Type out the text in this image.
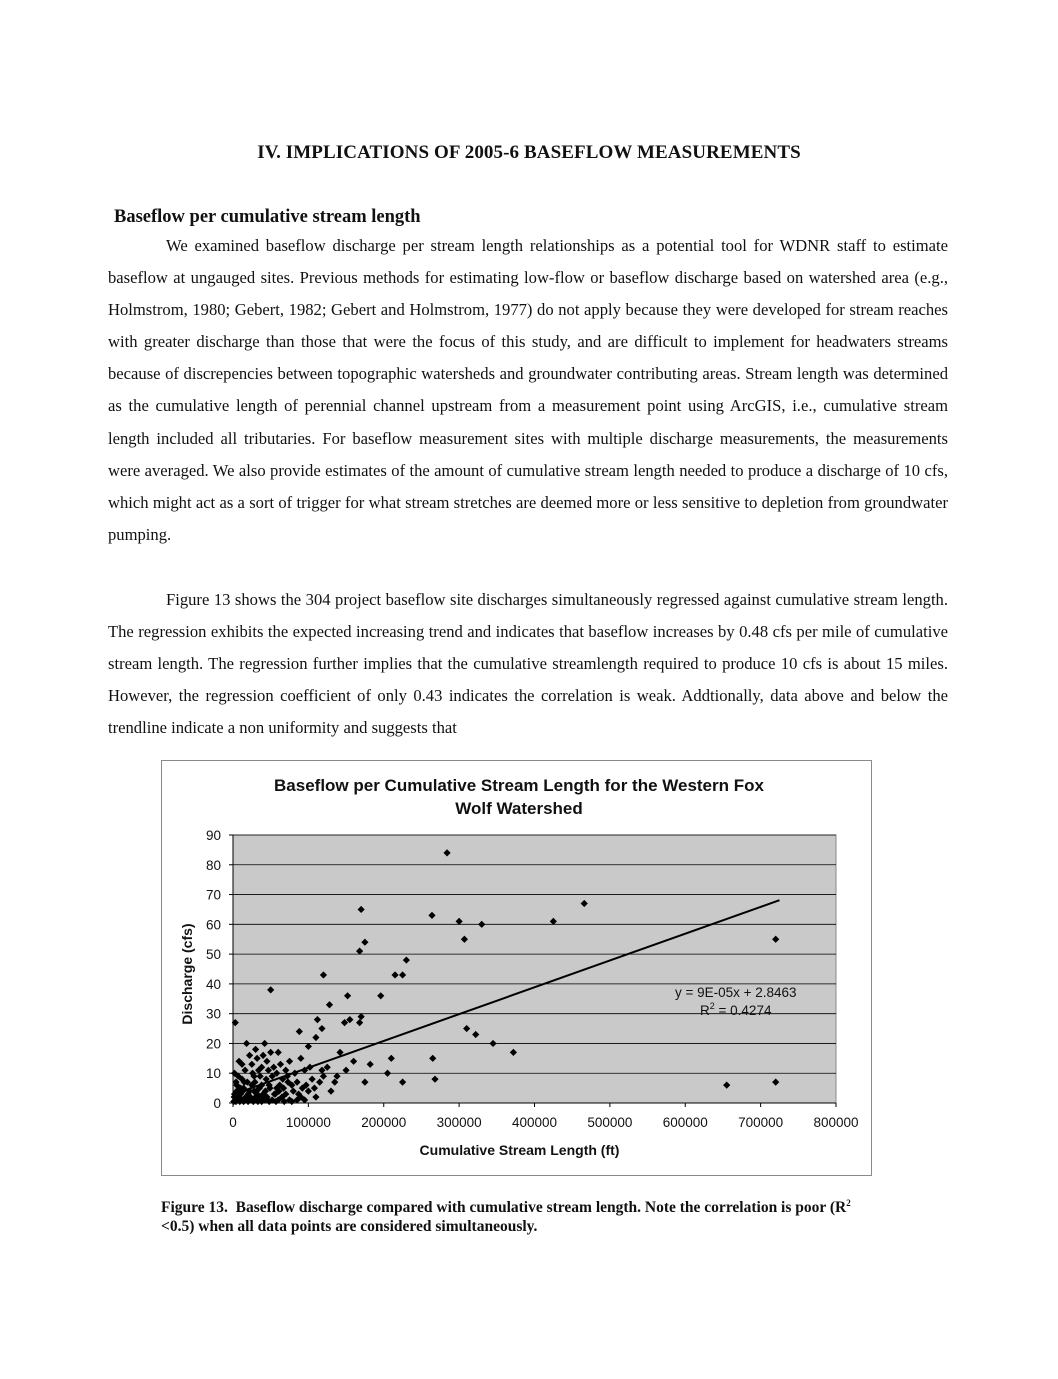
IV. IMPLICATIONS OF 2005-6 BASEFLOW MEASUREMENTS
Baseflow per cumulative stream length

We examined baseflow discharge per stream length relationships as a potential tool for WDNR staff to estimate baseflow at ungauged sites. Previous methods for estimating low-flow or baseflow discharge based on watershed area (e.g., Holmstrom, 1980; Gebert, 1982; Gebert and Holmstrom, 1977) do not apply because they were developed for stream reaches with greater discharge than those that were the focus of this study, and are difficult to implement for headwaters streams because of discrepencies between topographic watersheds and groundwater contributing areas. Stream length was determined as the cumulative length of perennial channel upstream from a measurement point using ArcGIS, i.e., cumulative stream length included all tributaries. For baseflow measurement sites with multiple discharge measurements, the measurements were averaged. We also provide estimates of the amount of cumulative stream length needed to produce a discharge of 10 cfs, which might act as a sort of trigger for what stream stretches are deemed more or less sensitive to depletion from groundwater pumping.

Figure 13 shows the 304 project baseflow site discharges simultaneously regressed against cumulative stream length. The regression exhibits the expected increasing trend and indicates that baseflow increases by 0.48 cfs per mile of cumulative stream length. The regression further implies that the cumulative streamlength required to produce 10 cfs is about 15 miles. However, the regression coefficient of only 0.43 indicates the correlation is weak. Addtionally, data above and below the trendline indicate a non uniformity and suggests that

Baseflow per Cumulative Stream Length for the Western Fox
Wolf Watershed
0
10
20
30
40
50
60
70
80
90
0	100000 200000 300000 400000 500000 600000 700000 800000
y = 9E-05x + 2.8463
$R^2 = 0.4274$
Discharge (cfs)
Cumulative Stream Length (ft)
Figure 13. Baseflow discharge compared with cumulative stream length. Note the correlation is poor $(R^2 <0.5)$ when all data points are considered simultaneously.
